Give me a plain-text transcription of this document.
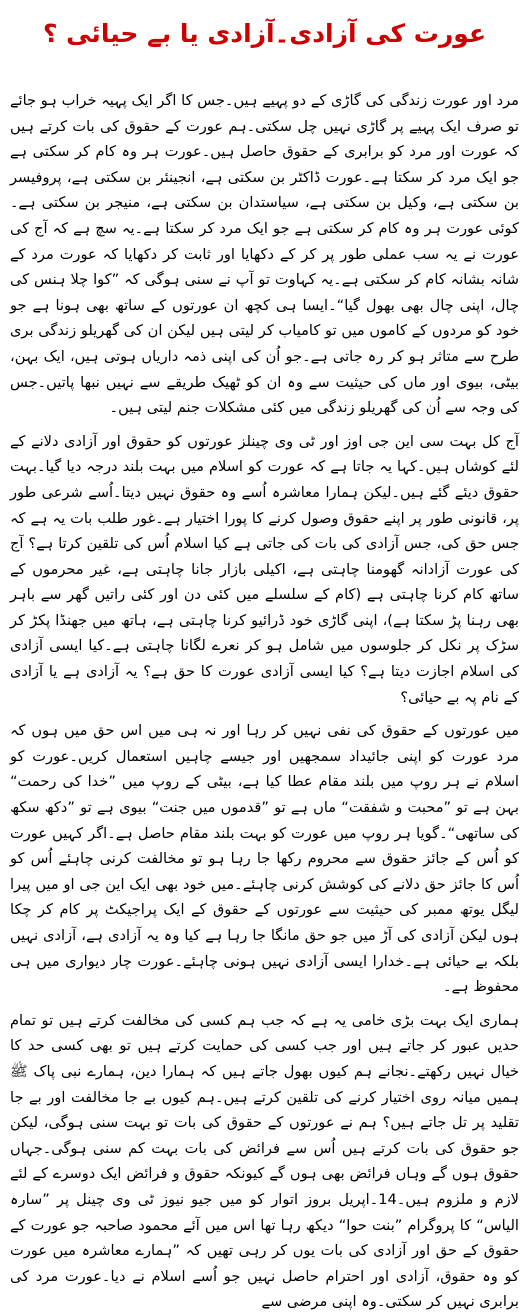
عورت کی آزادی۔آزادی یا بے حیائی ؟

مرد اور عورت زندگی کی گاڑی کے دو پہیے ہیں۔جس کا اگر ایک پہیہ خراب ہو جائے تو صرف ایک پہیے پر گاڑی نہیں چل سکتی۔ہم عورت کے حقوق کی بات کرتے ہیں کہ عورت اور مرد کو برابری کے حقوق حاصل ہیں۔عورت ہر وہ کام کر سکتی ہے جو ایک مرد کر سکتا ہے۔عورت ڈاکٹر بن سکتی ہے، انجینئر بن سکتی ہے، پروفیسر بن سکتی ہے، وکیل بن سکتی ہے، سیاستدان بن سکتی ہے، منیجر بن سکتی ہے۔کوئی عورت ہر وہ کام کر سکتی ہے جو ایک مرد کر سکتا ہے۔یہ سچ ہے کہ آج کی عورت نے یہ سب عملی طور پر کر کے دکھایا اور ثابت کر دکھایا کہ عورت مرد کے شانہ بشانہ کام کر سکتی ہے۔یہ کہاوت تو آپ نے سنی ہوگی کہ ”کوا چلا ہنس کی چال، اپنی چال بھی بھول گیا“۔ایسا ہی کچھ ان عورتوں کے ساتھ بھی ہونا ہے جو خود کو مردوں کے کاموں میں تو کامیاب کر لیتی ہیں لیکن ان کی گھریلو زندگی بری طرح سے متاثر ہو کر رہ جاتی ہے۔جو اُن کی اپنی ذمہ داریاں ہوتی ہیں، ایک بہن، بیٹی، بیوی اور ماں کی حیثیت سے وہ ان کو ٹھیک طریقے سے نہیں نبھا پاتیں۔جس کی وجہ سے اُن کی گھریلو زندگی میں کئی مشکلات جنم لیتی ہیں۔

آج کل بہت سی این جی اوز اور ٹی وی چینلز عورتوں کو حقوق اور آزادی دلانے کے لئے کوشاں ہیں۔کہا یہ جاتا ہے کہ عورت کو اسلام میں بہت بلند درجہ دیا گیا۔بہت حقوق دیئے گئے ہیں۔لیکن ہمارا معاشرہ اُسے وہ حقوق نہیں دیتا۔اُسے شرعی طور پر، قانونی طور پر اپنے حقوق وصول کرنے کا پورا اختیار ہے۔غور طلب بات یہ ہے کہ جس حق کی، جس آزادی کی بات کی جاتی ہے کیا اسلام اُس کی تلقین کرتا ہے؟ آج کی عورت آزادانہ گھومنا چاہتی ہے، اکیلی بازار جانا چاہتی ہے، غیر محرموں کے ساتھ کام کرنا چاہتی ہے (کام کے سلسلے میں کئی دن اور کئی راتیں گھر سے باہر بھی رہنا پڑ سکتا ہے)، اپنی گاڑی خود ڈرائیو کرنا چاہتی ہے، ہاتھ میں جھنڈا پکڑ کر سڑک پر نکل کر جلوسوں میں شامل ہو کر نعرے لگانا چاہتی ہے۔کیا ایسی آزادی کی اسلام اجازت دیتا ہے؟ کیا ایسی آزادی عورت کا حق ہے؟ یہ آزادی ہے یا آزادی کے نام پہ بے حیائی؟

میں عورتوں کے حقوق کی نفی نہیں کر رہا اور نہ ہی میں اس حق میں ہوں کہ مرد عورت کو اپنی جائیداد سمجھیں اور جیسے چاہیں استعمال کریں۔عورت کو اسلام نے ہر روپ میں بلند مقام عطا کیا ہے، بیٹی کے روپ میں ”خدا کی رحمت“ بہن ہے تو ”محبت و شفقت“ ماں ہے تو ”قدموں میں جنت“ بیوی ہے تو ”دکھ سکھ کی ساتھی“۔گویا ہر روپ میں عورت کو بہت بلند مقام حاصل ہے۔اگر کہیں عورت کو اُس کے جائز حقوق سے محروم رکھا جا رہا ہو تو مخالفت کرنی چاہئے اُس کو اُس کا جائز حق دلانے کی کوشش کرنی چاہئے۔میں خود بھی ایک این جی او میں پیرا لیگل یوتھ ممبر کی حیثیت سے عورتوں کے حقوق کے ایک پراجیکٹ پر کام کر چکا ہوں لیکن آزادی کی آڑ میں جو حق مانگا جا رہا ہے کیا وہ یہ آزادی ہے، آزادی نہیں بلکہ بے حیائی ہے۔خدارا ایسی آزادی نہیں ہونی چاہئے۔عورت چار دیواری میں ہی محفوظ ہے۔

ہماری ایک بہت بڑی خامی یہ ہے کہ جب ہم کسی کی مخالفت کرتے ہیں تو تمام حدیں عبور کر جاتے ہیں اور جب کسی کی حمایت کرتے ہیں تو بھی کسی حد کا خیال نہیں رکھتے۔نجانے ہم کیوں بھول جاتے ہیں کہ ہمارا دین، ہمارے نبی پاک ﷺ ہمیں میانہ روی اختیار کرنے کی تلقین کرتے ہیں۔ہم کیوں بے جا مخالفت اور بے جا تقلید پر تل جاتے ہیں؟ ہم نے عورتوں کے حقوق کی بات تو بہت سنی ہوگی، لیکن جو حقوق کی بات کرتے ہیں اُس سے فرائض کی بات بہت کم سنی ہوگی۔جہاں حقوق ہوں گے وہاں فرائض بھی ہوں گے کیونکہ حقوق و فرائض ایک دوسرے کے لئے لازم و ملزوم ہیں۔14۔اپریل بروز اتوار کو میں جیو نیوز ٹی وی چینل پر ”سارہ الیاس“ کا پروگرام ”بنت حوا“ دیکھ رہا تھا اس میں آئے محمود صاحبہ جو عورت کے حقوق کے حق اور آزادی کی بات یوں کر رہی تھیں کہ ”ہمارے معاشرہ میں عورت کو وہ حقوق، آزادی اور احترام حاصل نہیں جو اُسے اسلام نے دیا۔عورت مرد کی برابری نہیں کر سکتی۔وہ اپنی مرضی سے
